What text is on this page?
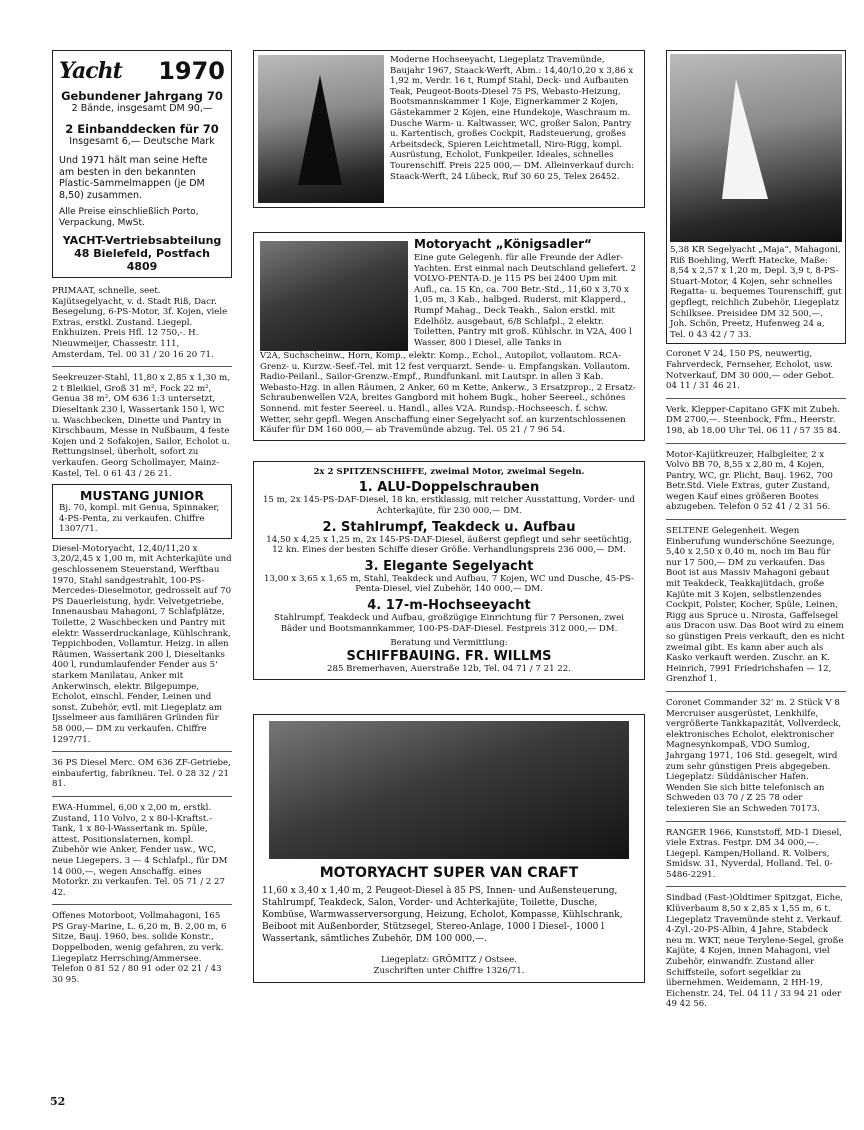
Yacht 1970
Gebundener Jahrgang 70
2 Bände, insgesamt DM 90,—
2 Einbanddecken für 70
Insgesamt 6,— Deutsche Mark
Und 1971 hält man seine Hefte am besten in den bekannten Plastic-Sammelmappen (je DM 8,50) zusammen.
Alle Preise einschließlich Porto, Verpackung, MwSt.
YACHT-Vertriebsabteilung
48 Bielefeld, Postfach 4809
PRIMAAT, schnelle, seet. Kajütsegelyacht, v. d. Stadt Riß, Dacr. Besegelung, 6-PS-Motor, 3f. Kojen, viele Extras, erstkl. Zustand. Liegepl. Enkhuizen. Preis Hfl. 12 750,-. H. Nieuwmeijer, Chassestr. 111, Amsterdam, Tel. 00 31 / 20 16 20 71.
Seekreuzer-Stahl, 11,80 x 2,85 x 1,30 m, 2 t Bleikiel, Groß 31 m², Fock 22 m², Genua 38 m², OM 636 1:3 untersetzt, Dieseltank 230 l, Wassertank 150 l, WC u. Waschbecken, Dinette und Pantry in Kirschbaum, Messe in Nußbaum, 4 feste Kojen und 2 Sofakojen, Sailor, Echolot u. Rettungsinsel, überholt, sofort zu verkaufen. Georg Schollmayer, Mainz-Kastel, Tel. 0 61 43 / 26 21.
MUSTANG JUNIOR
Bj. 70, kompl. mit Genua, Spinnaker, 4-PS-Penta, zu verkaufen. Chiffre 1307/71.
Diesel-Motoryacht, 12,40/11,20 x 3,20/2,45 x 1,00 m, mit Achterkajüte und geschlossenem Steuerstand, Werftbau 1970, Stahl sandgestrahlt, 100-PS-Mercedes-Dieselmotor, gedrosselt auf 70 PS Dauerleistung, hydr. Velvetgetriebe, Innenausbau Mahagoni, 7 Schlafplätze, Toilette, 2 Waschbecken und Pantry mit elektr. Wasserdruckanlage, Kühlschrank, Teppichboden, Vollamtur. Heizg. in allen Räumen, Wassertank 200 l, Dieseltanks 400 l, rundumlaufender Fender aus 5' starkem Manilatau, Anker mit Ankerwinsch, elektr. Bilgepumpe, Echolot, einschl. Fender, Leinen und sonst. Zubehör, evtl. mit Liegeplatz am Ijsselmeer aus familiären Gründen für 58 000,— DM zu verkaufen. Chiffre 1297/71.
36 PS Diesel Merc. OM 636 ZF-Getriebe, einbaufertig, fabrikneu. Tel. 0 28 32 / 21 81.
EWA-Hummel, 6,00 x 2,00 m, erstkl. Zustand, 110 Volvo, 2 x 80-l-Kraftst.-Tank, 1 x 80-l-Wassertank m. Spüle, attest. Positionslaternen, kompl. Zubehör wie Anker, Fender usw., WC, neue Liegepers. 3 — 4 Schlafpl., für DM 14 000,—, wegen Anschaffg. eines Motorkr. zu verkaufen. Tel. 05 71 / 2 27 42.
Offenes Motorboot, Vollmahagoni, 165 PS Gray-Marine, L. 6,20 m, B. 2,00 m, 6 Sitze, Bauj. 1960, bes. solide Konstr., Doppelboden, wenig gefahren, zu verk. Liegeplatz Herrsching/Ammersee. Telefon 0 81 52 / 80 91 oder 02 21 / 43 30 95.
52
Moderne Hochseeyacht, Liegeplatz Travemünde, Baujahr 1967, Staack-Werft, Abm.: 14,40/10,20 x 3,86 x 1,92 m, Verdr. 16 t, Rumpf Stahl, Deck- und Aufbauten Teak, Peugeot-Boots-Diesel 75 PS, Webasto-Heizung, Bootsmannskammer 1 Koje, Eignerkammer 2 Kojen, Gästekammer 2 Kojen, eine Hundekoje, Waschraum m. Dusche Warm- u. Kaltwasser, WC, großer Salon, Pantry u. Kartentisch, großes Cockpit, Radsteuerung, großes Arbeitsdeck, Spieren Leichtmetall, Niro-Rigg, kompl. Ausrüstung, Echolot, Funkpeiler. Ideales, schnelles Tourenschiff. Preis 225 000,— DM. Alleinverkauf durch: Staack-Werft, 24 Lübeck, Ruf 30 60 25, Telex 26452.
Motoryacht „Königsadler“
Eine gute Gelegenh. für alle Freunde der Adler-Yachten. Erst einmal nach Deutschland geliefert. 2 VOLVO-PENTA-D. je 115 PS bei 2400 Upm mit Aufl., ca. 15 Kn, ca. 700 Betr.-Std., 11,60 x 3,70 x 1,05 m, 3 Kab., halbged. Ruderst. mit Klapperd., Rumpf Mahag., Deck Teakh., Salon erstkl. mit Edelhölz. ausgebaut, 6/8 Schlafpl., 2 elektr. Toiletten, Pantry mit groß. Kühlschr. in V2A, 400 l Wasser, 800 l Diesel, alle Tanks in
V2A, Suchscheinw., Horn, Komp., elektr. Komp., Echol., Autopilot, vollautom. RCA-Grenz- u. Kurzw.-Seef.-Tel. mit 12 fest verquarzt. Sende- u. Empfangskan. Vollautom. Radio-Peilanl., Sailor-Grenzw.-Empf., Rundfunkanl. mit Lautspr. in allen 3 Kab. Webasto-Hzg. in allen Räumen, 2 Anker, 60 m Kette, Ankerw., 3 Ersatzprop., 2 Ersatz-Schraubenwellen V2A, breites Gangbord mit hohem Bugk., hoher Seereel., schönes Sonnend. mit fester Seereel. u. Handl., alles V2A. Rundsp.-Hochseesch. f. schw. Wetter, sehr gepfl. Wegen Anschaffung einer Segelyacht sof. an kurzentschlossenen Käufer für DM 160 000,— ab Travemünde abzug. Tel. 05 21 / 7 96 54.
2x 2 SPITZENSCHIFFE, zweimal Motor, zweimal Segeln.
1. ALU-Doppelschrauben
15 m, 2x 145-PS-DAF-Diesel, 18 kn, erstklassig, mit reicher Ausstattung, Vorder- und Achterkajüte, für 230 000,— DM.
2. Stahlrumpf, Teakdeck u. Aufbau
14,50 x 4,25 x 1,25 m, 2x 145-PS-DAF-Diesel, äußerst gepflegt und sehr seetüchtig, 12 kn. Eines der besten Schiffe dieser Größe. Verhandlungspreis 236 000,— DM.
3. Elegante Segelyacht
13,00 x 3,65 x 1,65 m, Stahl, Teakdeck und Aufbau, 7 Kojen, WC und Dusche, 45-PS-Penta-Diesel, viel Zubehör, 140 000,— DM.
4. 17-m-Hochseeyacht
Stahlrumpf, Teakdeck und Aufbau, großzügige Einrichtung für 7 Personen, zwei Bäder und Bootsmannkammer, 100-PS-DAF-Diesel. Festpreis 312 000,— DM.
Beratung und Vermittlung:
SCHIFFBAUING. FR. WILLMS
285 Bremerhaven, Auerstraße 12b, Tel. 04 71 / 7 21 22.
MOTORYACHT SUPER VAN CRAFT
11,60 x 3,40 x 1,40 m, 2 Peugeot-Diesel à 85 PS, Innen- und Außensteuerung, Stahlrumpf, Teakdeck, Salon, Vorder- und Achterkajüte, Toilette, Dusche, Kombüse, Warmwasserversorgung, Heizung, Echolot, Kompasse, Kühlschrank, Beiboot mit Außenborder, Stützsegel, Stereo-Anlage, 1000 l Diesel-, 1000 l Wassertank, sämtliches Zubehör, DM 100 000,—.
Liegeplatz: GRÖMITZ / Ostsee.
Zuschriften unter Chiffre 1326/71.
5,38 KR Segelyacht „Maja“, Mahagoni, Riß Boehling, Werft Hatecke, Maße: 8,54 x 2,57 x 1,20 m, Depl. 3,9 t, 8-PS-Stuart-Motor, 4 Kojen, sehr schnelles Regatta- u. bequemes Tourenschiff, gut gepflegt, reichlich Zubehör, Liegeplatz Schilksee. Preisidee DM 32 500,—. Joh. Schön, Preetz, Hufenweg 24 a, Tel. 0 43 42 / 7 33.
Coronet V 24, 150 PS, neuwertig, Fahrverdeck, Fernseher, Echolot, usw. Notverkauf, DM 30 000,— oder Gebot. 04 11 / 31 46 21.
Verk. Klepper-Capitano GFK mit Zubeh. DM 2700,—. Steenbock, Ffm., Heerstr. 198, ab 18.00 Uhr Tel. 06 11 / 57 35 84.
Motor-Kajütkreuzer, Halbgleiter, 2 x Volvo BB 70, 8,55 x 2,80 m, 4 Kojen, Pantry, WC, gr. Plicht, Bauj. 1962, 700 Betr.Std. Viele Extras, guter Zustand, wegen Kauf eines größeren Bootes abzugeben. Telefon 0 52 41 / 2 31 56.
SELTENE Gelegenheit. Wegen Einberufung wunderschöne Seezunge, 5,40 x 2,50 x 0,40 m, noch im Bau für nur 17 500,— DM zu verkaufen. Das Boot ist aus Massiv Mahagoni gebaut mit Teakdeck, Teakkajütdach, große Kajüte mit 3 Kojen, selbstlenzendes Cockpit, Polster, Kocher, Spüle, Leinen, Rigg aus Spruce u. Nirosta, Gaffelsegel aus Dracon usw. Das Boot wird zu einem so günstigen Preis verkauft, den es nicht zweimal gibt. Es kann aber auch als Kasko verkauft werden. Zuschr. an K. Heinrich, 7991 Friedrichshafen — 12, Grenzhof 1.
Coronet Commander 32' m. 2 Stück V 8 Mercruiser ausgerüstet, Lenkhilfe, vergrößerte Tankkapazität, Vollverdeck, elektronisches Echolot, elektronischer Magnesynkompaß, VDO Sumlog, Jahrgang 1971, 106 Std. gesegelt, wird zum sehr günstigen Preis abgegeben. Liegeplatz: Süddänischer Hafen. Wenden Sie sich bitte telefonisch an Schweden 03 70 / Z 25 78 oder telexieren Sie an Schweden 70173.
RANGER 1966, Kunststoff, MD-1 Diesel, viele Extras. Festpr. DM 34 000,—. Liegepl. Kampen/Holland. R. Volbers, Smidsw. 31, Nyverdal, Holland. Tel. 0-5486-2291.
Sindbad (Fast-)Oldtimer Spitzgat, Eiche, Klüverbaum 8,50 x 2,85 x 1,55 m, 6 t. Liegeplatz Travemünde steht z. Verkauf. 4-Zyl.-20-PS-Albin, 4 Jahre, Stabdeck neu m. WKT, neue Terylene-Segel, große Kajüte, 4 Kojen, innen Mahagoni, viel Zubehör, einwandfr. Zustand aller Schiffsteile, sofort segelklar zu übernehmen. Weidemann, 2 HH-19, Eichenstr. 24, Tel. 04 11 / 33 94 21 oder 49 42 56.
